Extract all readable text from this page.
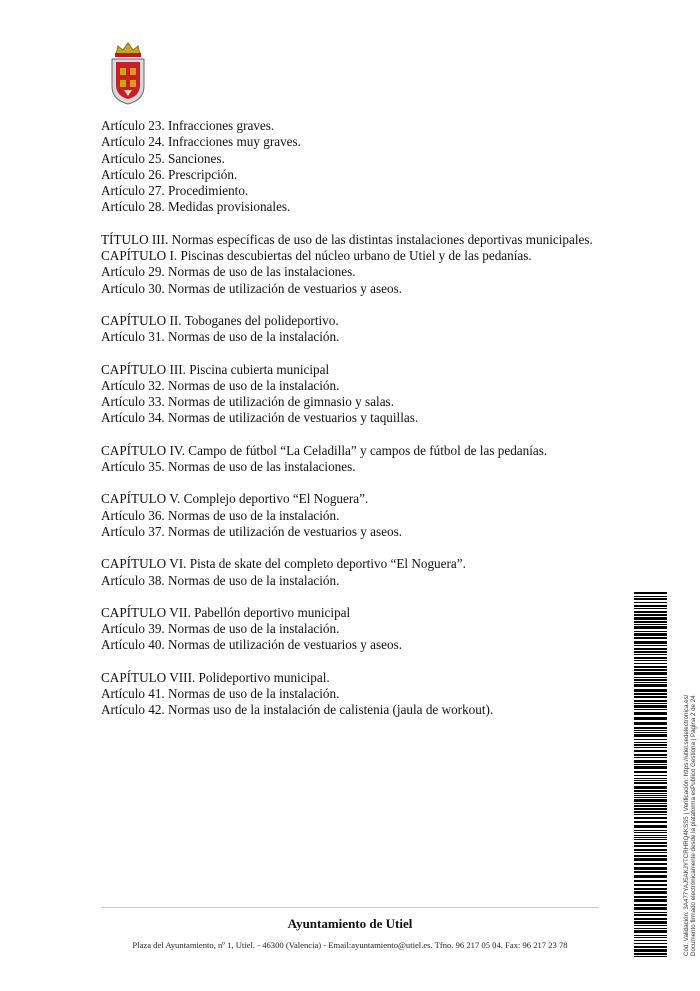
Artículo 23. Infracciones graves.

Artículo 24. Infracciones muy graves.

Artículo 25. Sanciones.

Artículo 26. Prescripción.

Artículo 27. Procedimiento.

Artículo 28. Medidas provisionales.

TÍTULO III. Normas específicas de uso de las distintas instalaciones deportivas municipales.

CAPÍTULO I. Piscinas descubiertas del núcleo urbano de Utiel y de las pedanías.

Artículo 29. Normas de uso de las instalaciones.

Artículo 30. Normas de utilización de vestuarios y aseos.

CAPÍTULO II. Toboganes del polideportivo.

Artículo 31. Normas de uso de la instalación.

CAPÍTULO III. Piscina cubierta municipal

Artículo 32. Normas de uso de la instalación.

Artículo 33. Normas de utilización de gimnasio y salas.

Artículo 34. Normas de utilización de vestuarios y taquillas.

CAPÍTULO IV. Campo de fútbol “La Celadilla” y campos de fútbol de las pedanías.

Artículo 35. Normas de uso de las instalaciones.

CAPÍTULO V. Complejo deportivo “El Noguera”.

Artículo 36. Normas de uso de la instalación.

Artículo 37. Normas de utilización de vestuarios y aseos.

CAPÍTULO VI. Pista de skate del completo deportivo “El Noguera”.

Artículo 38. Normas de uso de la instalación.

CAPÍTULO VII. Pabellón deportivo municipal

Artículo 39. Normas de uso de la instalación.

Artículo 40. Normas de utilización de vestuarios y aseos.

CAPÍTULO VIII. Polideportivo municipal.

Artículo 41. Normas de uso de la instalación.

Artículo 42. Normas uso de la instalación de calistenia (jaula de workout).

Ayuntamiento de Utiel
Plaza del Ayuntamiento, nº 1, Utiel. - 46300 (Valencia) - Email:ayuntamiento@utiel.es. Tfno. 96 217 05 04. Fax: 96 217 23 78	Cód. Validación: 3A477YAJ5AKJYTCRHRQ4KSS5 | Verificación: https://utiel.sedelectronica.es/ Documento firmado electrónicamente desde la plataforma esPublico Gestiona | Página 2 de 24
